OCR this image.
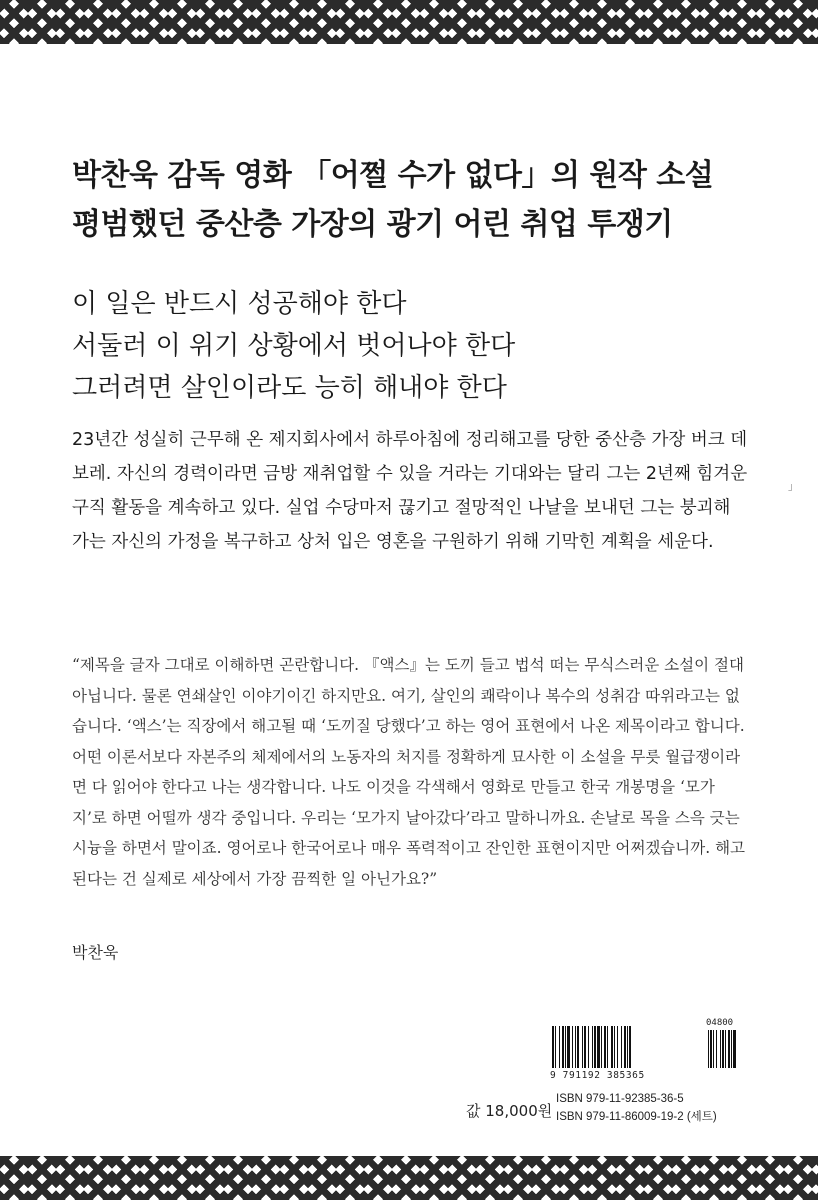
박찬욱 감독 영화 「어쩔 수가 없다」의 원작 소설
평범했던 중산층 가장의 광기 어린 취업 투쟁기
이 일은 반드시 성공해야 한다
서둘러 이 위기 상황에서 벗어나야 한다
그러려면 살인이라도 능히 해내야 한다

23년간 성실히 근무해 온 제지회사에서 하루아침에 정리해고를 당한 중산층 가장 버크 데보레. 자신의 경력이라면 금방 재취업할 수 있을 거라는 기대와는 달리 그는 2년째 힘겨운 구직 활동을 계속하고 있다. 실업 수당마저 끊기고 절망적인 나날을 보내던 그는 붕괴해 가는 자신의 가정을 복구하고 상처 입은 영혼을 구원하기 위해 기막힌 계획을 세운다.

」

“제목을 글자 그대로 이해하면 곤란합니다. 『액스』는 도끼 들고 법석 떠는 무식스러운 소설이 절대 아닙니다. 물론 연쇄살인 이야기이긴 하지만요. 여기, 살인의 쾌락이나 복수의 성취감 따위라고는 없습니다. ‘액스’는 직장에서 해고될 때 ‘도끼질 당했다’고 하는 영어 표현에서 나온 제목이라고 합니다. 어떤 이론서보다 자본주의 체제에서의 노동자의 처지를 정확하게 묘사한 이 소설을 무릇 월급쟁이라면 다 읽어야 한다고 나는 생각합니다. 나도 이것을 각색해서 영화로 만들고 한국 개봉명을 ‘모가지’로 하면 어떨까 생각 중입니다. 우리는 ‘모가지 날아갔다’라고 말하니까요. 손날로 목을 스윽 긋는 시늉을 하면서 말이죠. 영어로나 한국어로나 매우 폭력적이고 잔인한 표현이지만 어쩌겠습니까. 해고된다는 건 실제로 세상에서 가장 끔찍한 일 아닌가요?”

박찬욱
9 791192 385365
04800
값 18,000원
ISBN 979-11-92385-36-5
ISBN 979-11-86009-19-2 (세트)
